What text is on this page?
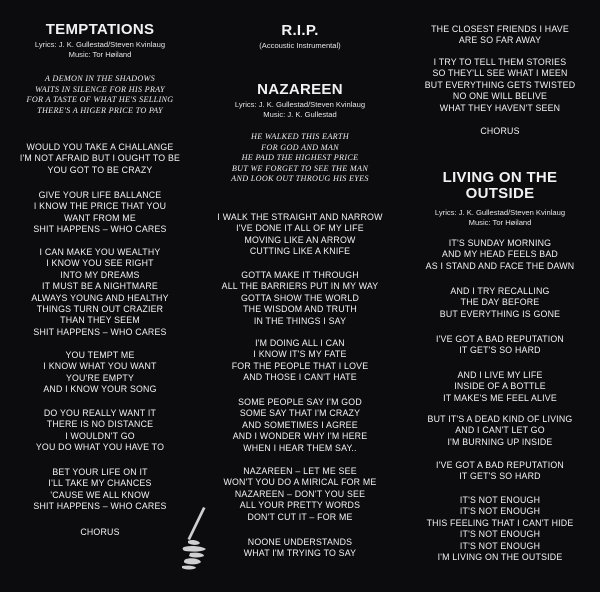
TEMPTATIONS
Lyrics: J. K. Gullestad/Steven Kvinlaug
Music: Tor Høiland
A DEMON IN THE SHADOWS
WAITS IN SILENCE FOR HIS PRAY
FOR A TASTE OF WHAT HE'S SELLING
THERE'S A HIGER PRICE TO PAY
WOULD YOU TAKE A CHALLANGE
I'M NOT AFRAID BUT I OUGHT TO BE
YOU GOT TO BE CRAZY
GIVE YOUR LIFE BALLANCE
I KNOW THE PRICE THAT YOU
WANT FROM ME
SHIT HAPPENS – WHO CARES
I CAN MAKE YOU WEALTHY
I KNOW YOU SEE RIGHT
INTO MY DREAMS
IT MUST BE A NIGHTMARE
ALWAYS YOUNG AND HEALTHY
THINGS TURN OUT CRAZIER
THAN THEY SEEM
SHIT HAPPENS – WHO CARES
YOU TEMPT ME
I KNOW WHAT YOU WANT
YOU'RE EMPTY
AND I KNOW YOUR SONG
DO YOU REALLY WANT IT
THERE IS NO DISTANCE
I WOULDN'T GO
YOU DO WHAT YOU HAVE TO
BET YOUR LIFE ON IT
I'LL TAKE MY CHANCES
'CAUSE WE ALL KNOW
SHIT HAPPENS – WHO CARES
CHORUS
R.I.P.
(Accoustic Instrumental)
NAZAREEN
Lyrics: J. K. Gullestad/Steven Kvinlaug
Music: J. K. Gullestad
HE WALKED THIS EARTH
FOR GOD AND MAN
HE PAID THE HIGHEST PRICE
BUT WE FORGET TO SEE THE MAN
AND LOOK OUT THROUG HIS EYES
I WALK THE STRAIGHT AND NARROW
I'VE DONE IT ALL OF MY LIFE
MOVING LIKE AN ARROW
CUTTING LIKE A KNIFE
GOTTA MAKE IT THROUGH
ALL THE BARRIERS PUT IN MY WAY
GOTTA SHOW THE WORLD
THE WISDOM AND TRUTH
IN THE THINGS I SAY
I'M DOING ALL I CAN
I KNOW IT'S MY FATE
FOR THE PEOPLE THAT I LOVE
AND THOSE I CAN'T HATE
SOME PEOPLE SAY I'M GOD
SOME SAY THAT I'M CRAZY
AND SOMETIMES I AGREE
AND I WONDER WHY I'M HERE
WHEN I HEAR THEM SAY..
NAZAREEN – LET ME SEE
WON'T YOU DO A MIRICAL FOR ME
NAZAREEN – DON'T YOU SEE
ALL YOUR PRETTY WORDS
DON'T CUT IT – FOR ME
NOONE UNDERSTANDS
WHAT I'M TRYING TO SAY
THE CLOSEST FRIENDS I HAVE
ARE SO FAR AWAY
I TRY TO TELL THEM STORIES
SO THEY'LL SEE WHAT I MEEN
BUT EVERYTHING GETS TWISTED
NO ONE WILL BELIVE
WHAT THEY HAVEN'T SEEN
CHORUS
LIVING ON THE
OUTSIDE
Lyrics: J. K. Gullestad/Steven Kvinlaug
Music: Tor Høiland
IT'S SUNDAY MORNING
AND MY HEAD FEELS BAD
AS I STAND AND FACE THE DAWN
AND I TRY RECALLING
THE DAY BEFORE
BUT EVERYTHING IS GONE
I'VE GOT A BAD REPUTATION
IT GET'S SO HARD
AND I LIVE MY LIFE
INSIDE OF A BOTTLE
IT MAKE'S ME FEEL ALIVE
BUT IT'S A DEAD KIND OF LIVING
AND I CAN'T LET GO
I'M BURNING UP INSIDE
I'VE GOT A BAD REPUTATION
IT GET'S SO HARD
IT'S NOT ENOUGH
IT'S NOT ENOUGH
THIS FEELING THAT I CAN'T HIDE
IT'S NOT ENOUGH
IT'S NOT ENOUGH
I'M LIVING ON THE OUTSIDE
